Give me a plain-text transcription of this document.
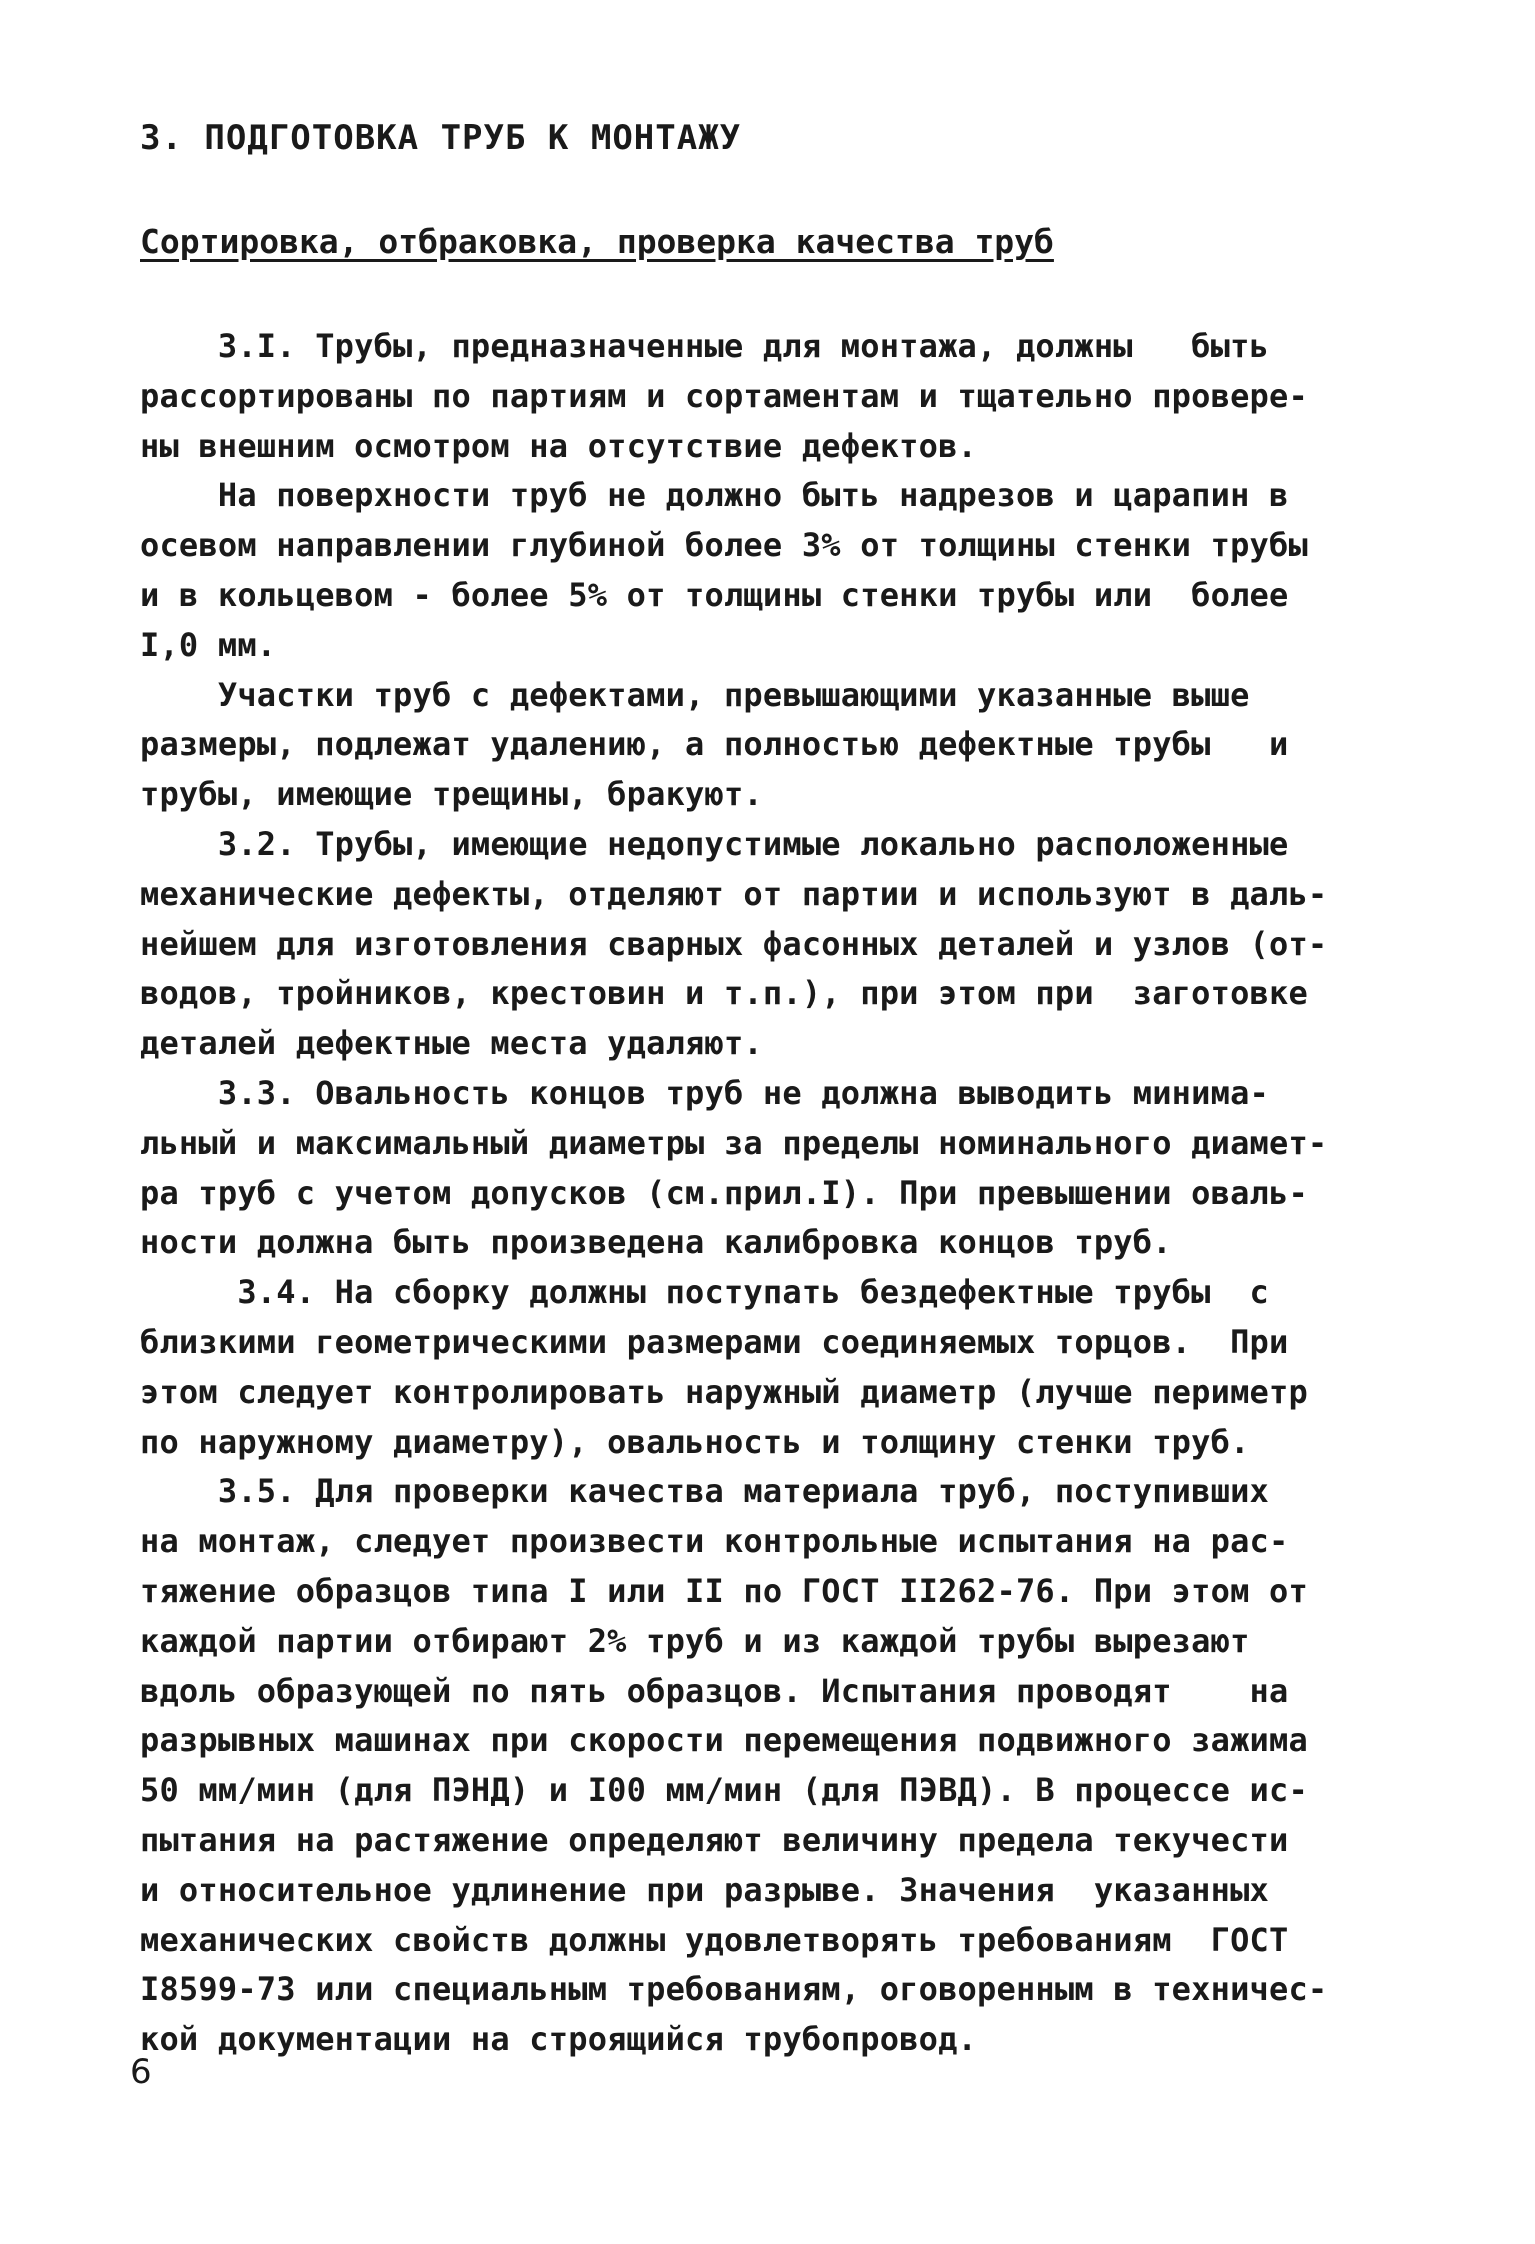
3. ПОДГОТОВКА ТРУБ К МОНТАЖУ
Сортировка, отбраковка, проверка качества труб
3.I. Трубы, предназначенные для монтажа, должны   быть
рассортированы по партиям и сортаментам и тщательно провере-
ны внешним осмотром на отсутствие дефектов.
На поверхности труб не должно быть надрезов и царапин в
осевом направлении глубиной более 3% от толщины стенки трубы
и в кольцевом - более 5% от толщины стенки трубы или  более
I,0 мм.
Участки труб с дефектами, превышающими указанные выше
размеры, подлежат удалению, а полностью дефектные трубы   и
трубы, имеющие трещины, бракуют.
3.2. Трубы, имеющие недопустимые локально расположенные
механические дефекты, отделяют от партии и используют в даль-
нейшем для изготовления сварных фасонных деталей и узлов (от-
водов, тройников, крестовин и т.п.), при этом при  заготовке
деталей дефектные места удаляют.
3.3. Овальность концов труб не должна выводить минима-
льный и максимальный диаметры за пределы номинального диамет-
ра труб с учетом допусков (см.прил.I). При превышении оваль-
ности должна быть произведена калибровка концов труб.
3.4. На сборку должны поступать бездефектные трубы  с
близкими геометрическими размерами соединяемых торцов.  При
этом следует контролировать наружный диаметр (лучше периметр
по наружному диаметру), овальность и толщину стенки труб.
3.5. Для проверки качества материала труб, поступивших
на монтаж, следует произвести контрольные испытания на рас-
тяжение образцов типа I или II по ГОСТ II262-76. При этом от
каждой партии отбирают 2% труб и из каждой трубы вырезают
вдоль образующей по пять образцов. Испытания проводят    на
разрывных машинах при скорости перемещения подвижного зажима
50 мм/мин (для ПЭНД) и I00 мм/мин (для ПЭВД). В процессе ис-
пытания на растяжение определяют величину предела текучести
и относительное удлинение при разрыве. Значения  указанных
механических свойств должны удовлетворять требованиям  ГОСТ
I8599-73 или специальным требованиям, оговоренным в техничес-
кой документации на строящийся трубопровод.
6
